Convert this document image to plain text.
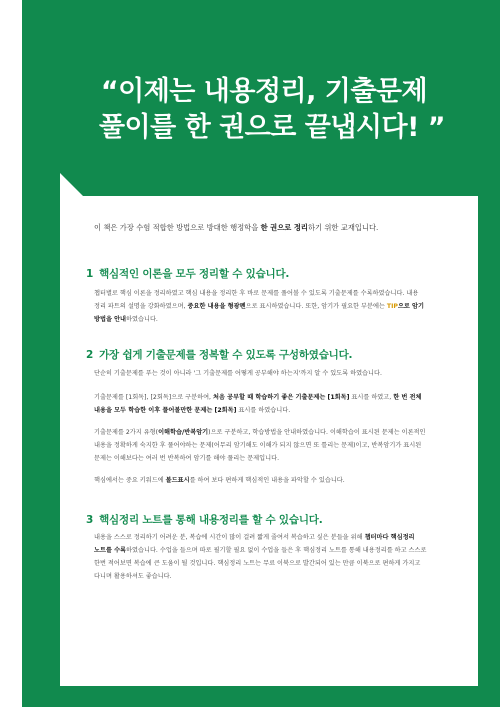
“이제는 내용정리, 기출문제
풀이를 한 권으로 끝냅시다! ”
이 책은 가장 수험 적합한 방법으로 방대한 행정학을 한 권으로 정리하기 위한 교재입니다.
1 핵심적인 이론을 모두 정리할 수 있습니다.
챕터별로 핵심 이론을 정리하였고 핵심 내용을 정리한 후 바로 문제를 풀어볼 수 있도록 기출문제를 수록하였습니다. 내용
정리 파트의 설명을 강화하였으며, 중요한 내용을 형광펜으로 표시하였습니다. 또한, 암기가 필요한 부분에는 TIP으로 암기
방법을 안내하였습니다.
2 가장 쉽게 기출문제를 정복할 수 있도록 구성하였습니다.
단순히 기출문제를 푸는 것이 아니라 '그 기출문제를 어떻게 공부해야 하는지'까지 알 수 있도록 하였습니다.
기출문제를 [1회독], [2회독]으로 구분하여, 처음 공부할 때 학습하기 좋은 기출문제는 [1회독] 표시를 하였고, 한 번 전체
내용을 모두 학습한 이후 풀어볼만한 문제는 [2회독] 표시를 하였습니다.
기출문제를 2가지 유형(이해학습/반복암기)으로 구분하고, 학습방법을 안내하였습니다. 이해학습이 표시된 문제는 이론적인
내용을 정확하게 숙지한 후 풀어야하는 문제(어무리 암기해도 이해가 되지 않으면 또 틀리는 문제)이고, 반복암기가 표시된
문제는 이해보다는 여러 번 반복하여 암기를 해야 풀리는 문제입니다.
핵심에서는 중요 키워드에 볼드표시를 하여 보다 편하게 핵심적인 내용을 파악할 수 있습니다.
3 핵심정리 노트를 통해 내용정리를 할 수 있습니다.
내용을 스스로 정리하기 어려운 분, 복습에 시간이 많이 걸려 짧게 줄여서 복습하고 싶은 분들을 위해 챕터마다 핵심정리
노트를 수록하였습니다. 수업을 들으며 따로 필기할 필요 없이 수업을 들은 후 핵심정리 노트를 통해 내용정리를 하고 스스로
한번 적어보면 복습에 큰 도움이 될 것입니다. 핵심정리 노트는 무료 이북으로 발간되어 있는 만큼 이북으로 편하게 가지고
다니며 활용하셔도 좋습니다.
